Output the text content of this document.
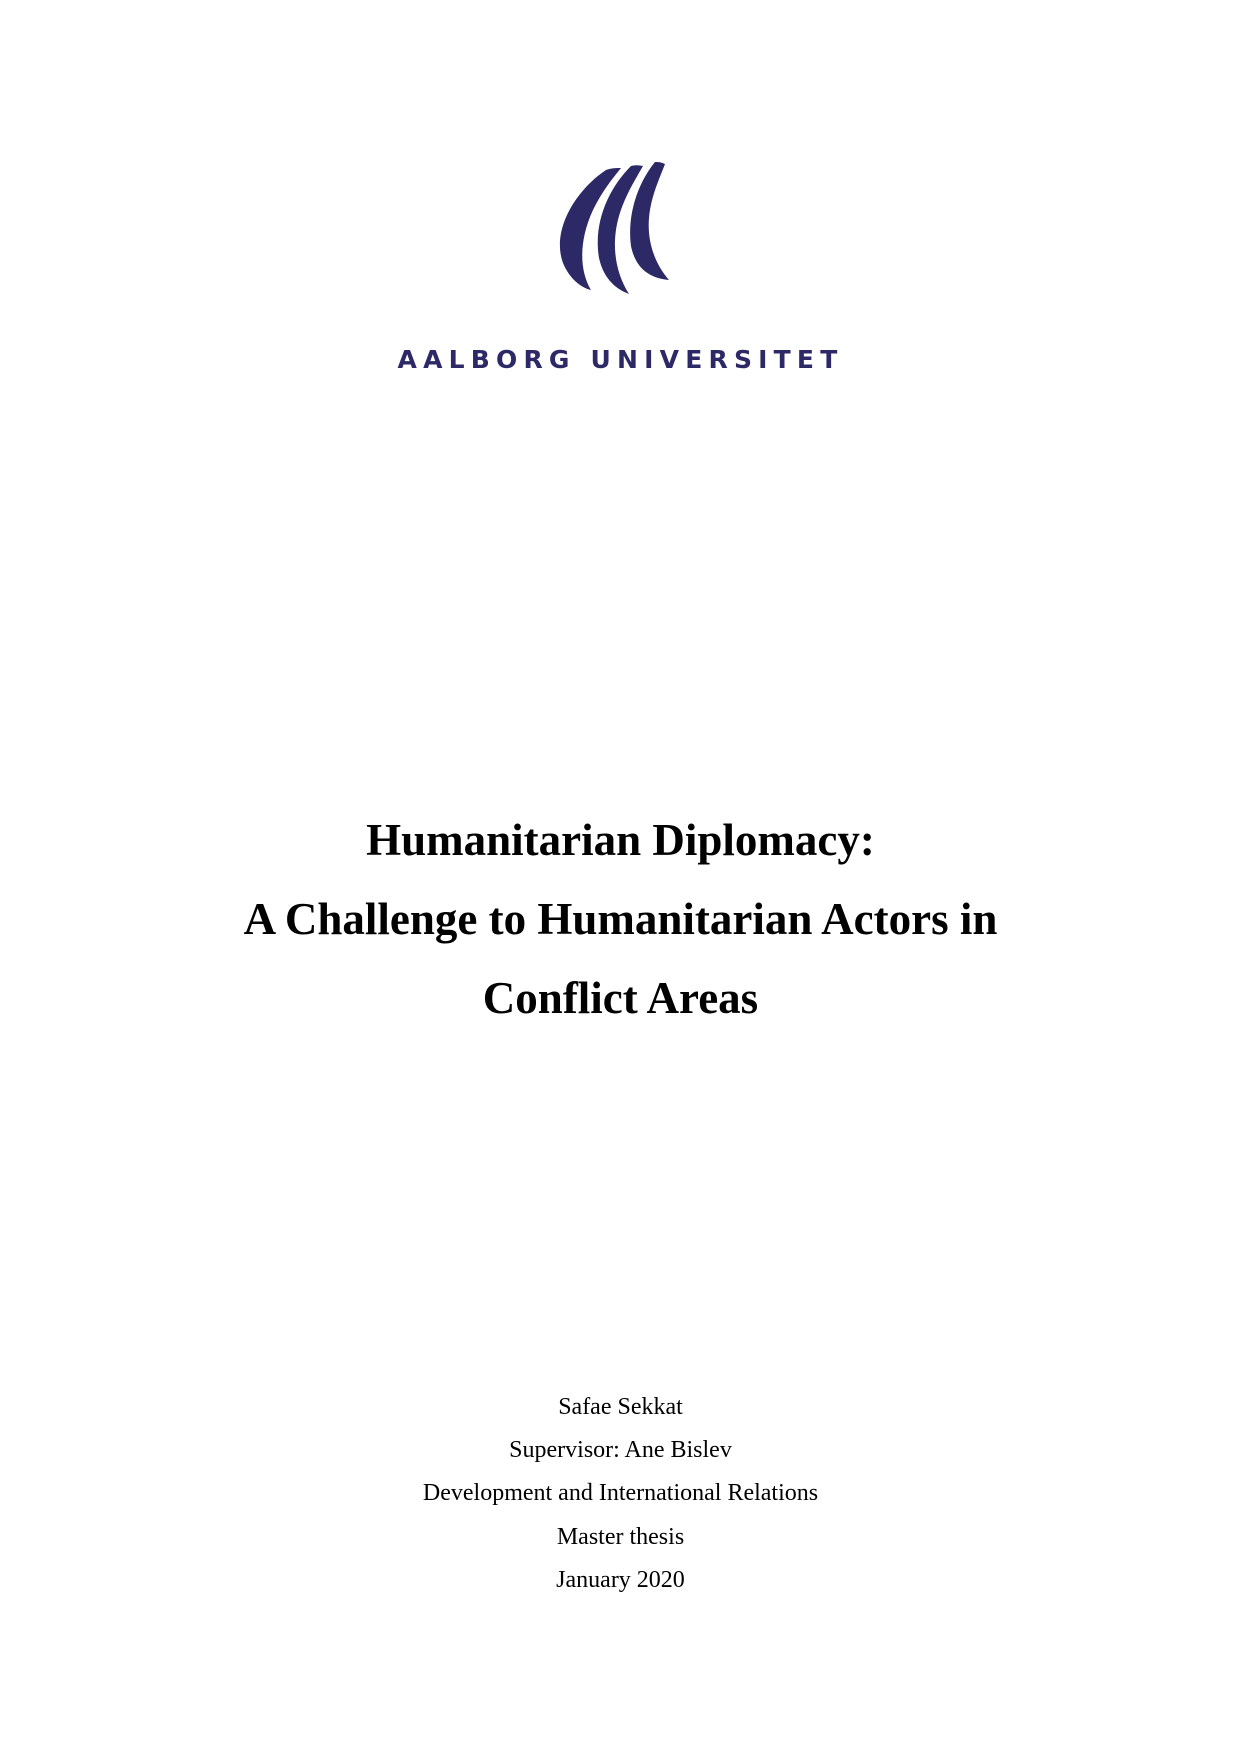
AALBORG UNIVERSITET
Humanitarian Diplomacy:
A Challenge to Humanitarian Actors in
Conflict Areas
Safae Sekkat
Supervisor: Ane Bislev
Development and International Relations
Master thesis
January 2020
